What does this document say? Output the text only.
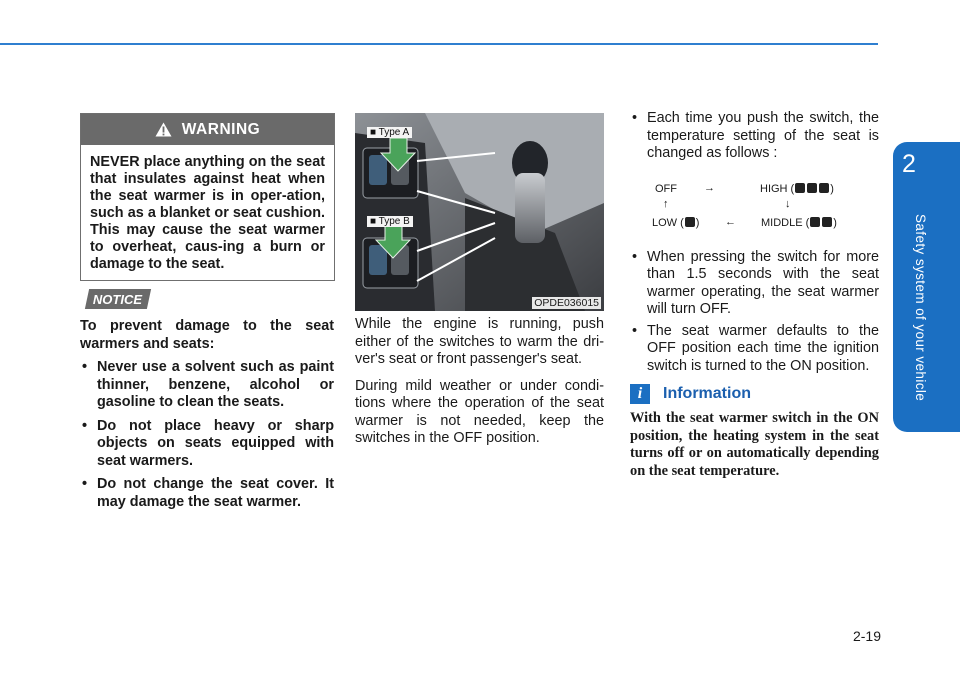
2
Safety system of your vehicle
2-19
WARNING
NEVER place anything on the seat that insulates against heat when the seat warmer is in oper-ation, such as a blanket or seat cushion. This may cause the seat warmer to overheat, caus-ing a burn or damage to the seat.
NOTICE

To prevent damage to the seat warmers and seats:

• Never use a solvent such as paint thinner, benzene, alcohol or gasoline to clean the seats.
• Do not place heavy or sharp objects on seats equipped with seat warmers.
• Do not change the seat cover. It may damage the seat warmer.
■ Type A
■ Type B
OPDE036015

While the engine is running, push either of the switches to warm the dri-ver's seat or front passenger's seat.

During mild weather or under condi-tions where the operation of the seat warmer is not needed, keep the switches in the OFF position.

• Each time you push the switch, the temperature setting of the seat is changed as follows :
OFF →	HIGH (	)
↑	↓
LOW ( ) ← MIDDLE ( )
• When pressing the switch for more than 1.5 seconds with the seat warmer operating, the seat warmer will turn OFF.
• The seat warmer defaults to the OFF position each time the ignition switch is turned to the ON position.
i	Information
With the seat warmer switch in the ON position, the heating system in the seat turns off or on automatically depending on the seat temperature.
